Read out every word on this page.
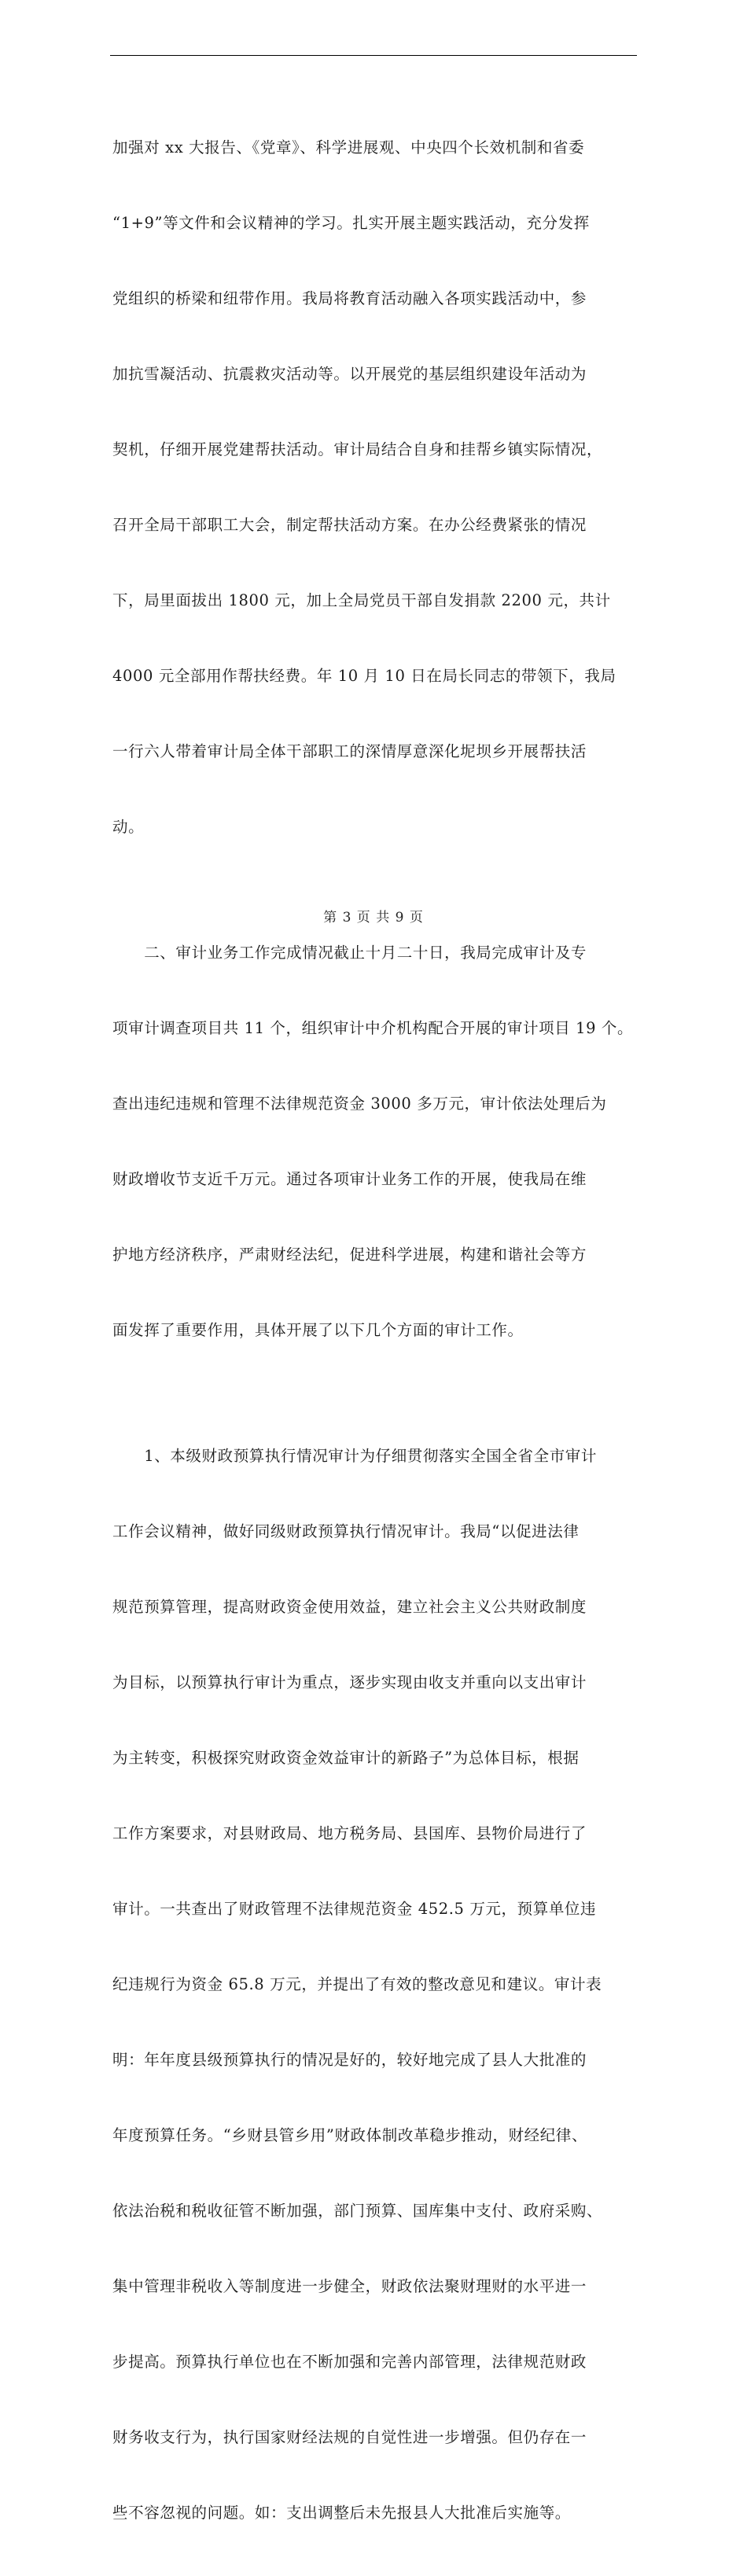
加强对 xx 大报告、《党章》、科学进展观、中央四个长效机制和省委

“1+9”等文件和会议精神的学习。扎实开展主题实践活动，充分发挥

党组织的桥梁和纽带作用。我局将教育活动融入各项实践活动中，参

加抗雪凝活动、抗震救灾活动等。以开展党的基层组织建设年活动为

契机，仔细开展党建帮扶活动。审计局结合自身和挂帮乡镇实际情况，

召开全局干部职工大会，制定帮扶活动方案。在办公经费紧张的情况

下，局里面拔出 1800 元，加上全局党员干部自发捐款 2200 元，共计

4000 元全部用作帮扶经费。年 10 月 10 日在局长同志的带领下，我局

一行六人带着审计局全体干部职工的深情厚意深化坭坝乡开展帮扶活

动。

　　二、审计业务工作完成情况截止十月二十日，我局完成审计及专

项审计调查项目共 11 个，组织审计中介机构配合开展的审计项目 19 个。

查出违纪违规和管理不法律规范资金 3000 多万元，审计依法处理后为

财政增收节支近千万元。通过各项审计业务工作的开展，使我局在维

护地方经济秩序，严肃财经法纪，促进科学进展，构建和谐社会等方

面发挥了重要作用，具体开展了以下几个方面的审计工作。

　　1、本级财政预算执行情况审计为仔细贯彻落实全国全省全市审计

工作会议精神，做好同级财政预算执行情况审计。我局“以促进法律

规范预算管理，提高财政资金使用效益，建立社会主义公共财政制度

为目标，以预算执行审计为重点，逐步实现由收支并重向以支出审计

为主转变，积极探究财政资金效益审计的新路子”为总体目标，根据

工作方案要求，对县财政局、地方税务局、县国库、县物价局进行了

审计。一共查出了财政管理不法律规范资金 452.5 万元，预算单位违

纪违规行为资金 65.8 万元，并提出了有效的整改意见和建议。审计表

明：年年度县级预算执行的情况是好的，较好地完成了县人大批准的

年度预算任务。“乡财县管乡用”财政体制改革稳步推动，财经纪律、

依法治税和税收征管不断加强，部门预算、国库集中支付、政府采购、

集中管理非税收入等制度进一步健全，财政依法聚财理财的水平进一

步提高。预算执行单位也在不断加强和完善内部管理，法律规范财政

财务收支行为，执行国家财经法规的自觉性进一步增强。但仍存在一

些不容忽视的问题。如：支出调整后未先报县人大批准后实施等。

第 3 页 共 9 页
